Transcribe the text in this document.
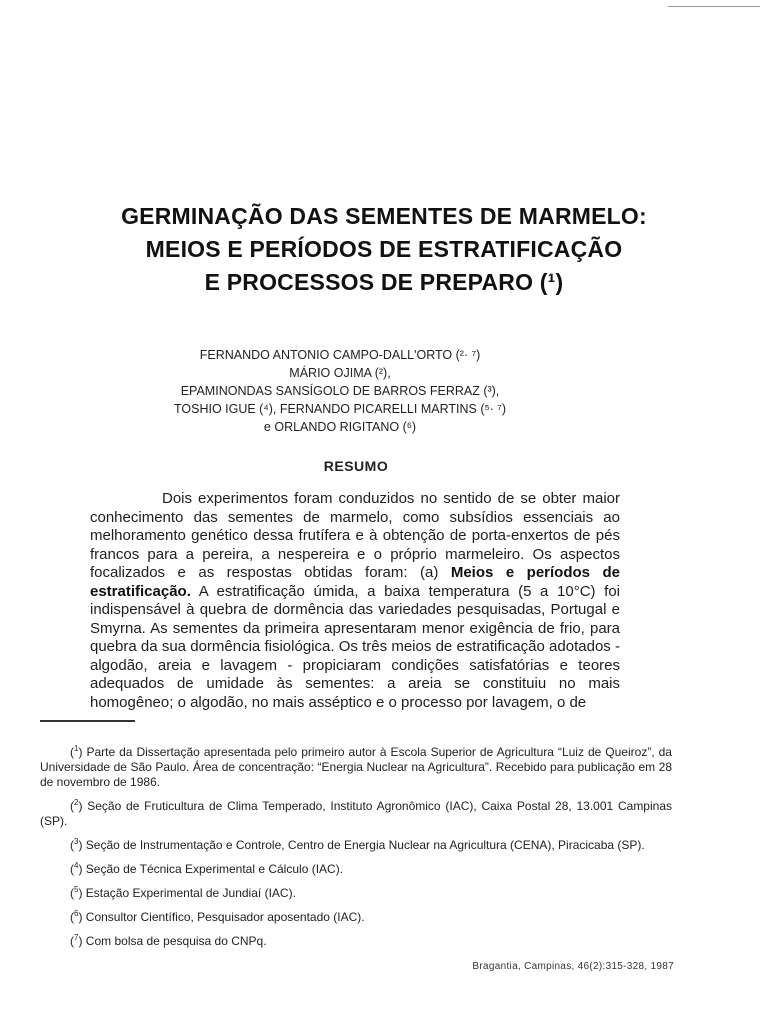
GERMINAÇÃO DAS SEMENTES DE MARMELO:
MEIOS E PERÍODOS DE ESTRATIFICAÇÃO
E PROCESSOS DE PREPARO (¹)
FERNANDO ANTONIO CAMPO-DALL'ORTO (²· ⁷)
MÁRIO OJIMA (²),
EPAMINONDAS SANSÍGOLO DE BARROS FERRAZ (³),
TOSHIO IGUE (⁴), FERNANDO PICARELLI MARTINS (⁵· ⁷)
e ORLANDO RIGITANO (⁶)
RESUMO

Dois experimentos foram conduzidos no sentido de se obter maior conhecimento das sementes de marmelo, como subsídios essenciais ao melhoramento genético dessa frutífera e à obtenção de porta-enxertos de pés francos para a pereira, a nespereira e o próprio marmeleiro. Os aspectos focalizados e as respostas obtidas foram: (a) Meios e períodos de estratificação. A estratificação úmida, a baixa temperatura (5 a 10°C) foi indispensável à quebra de dormência das variedades pesquisadas, Portugal e Smyrna. As sementes da primeira apresentaram menor exigência de frio, para quebra da sua dormência fisiológica. Os três meios de estratificação adotados - algodão, areia e lavagem - propiciaram condições satisfatórias e teores adequados de umidade às sementes: a areia se constituiu no mais homogêneo; o algodão, no mais asséptico e o processo por lavagem, o de

($^1$) Parte da Dissertação apresentada pelo primeiro autor à Escola Superior de Agricultura “Luiz de Queiroz”, da Universidade de São Paulo. Área de concentração: “Energia Nuclear na Agricultura”. Recebido para publicação em 28 de novembro de 1986.
($^2$) Seção de Fruticultura de Clima Temperado, Instituto Agronômico (IAC), Caixa Postal 28, 13.001 Campinas (SP).
($^3$) Seção de Instrumentação e Controle, Centro de Energia Nuclear na Agricultura (CENA), Piracicaba (SP).
($^4$) Seção de Técnica Experimental e Cálculo (IAC).
($^5$) Estação Experimental de Jundiaí (IAC).
($^6$) Consultor Científico, Pesquisador aposentado (IAC).
($^7$) Com bolsa de pesquisa do CNPq.
Bragantia, Campinas, 46(2):315-328, 1987
